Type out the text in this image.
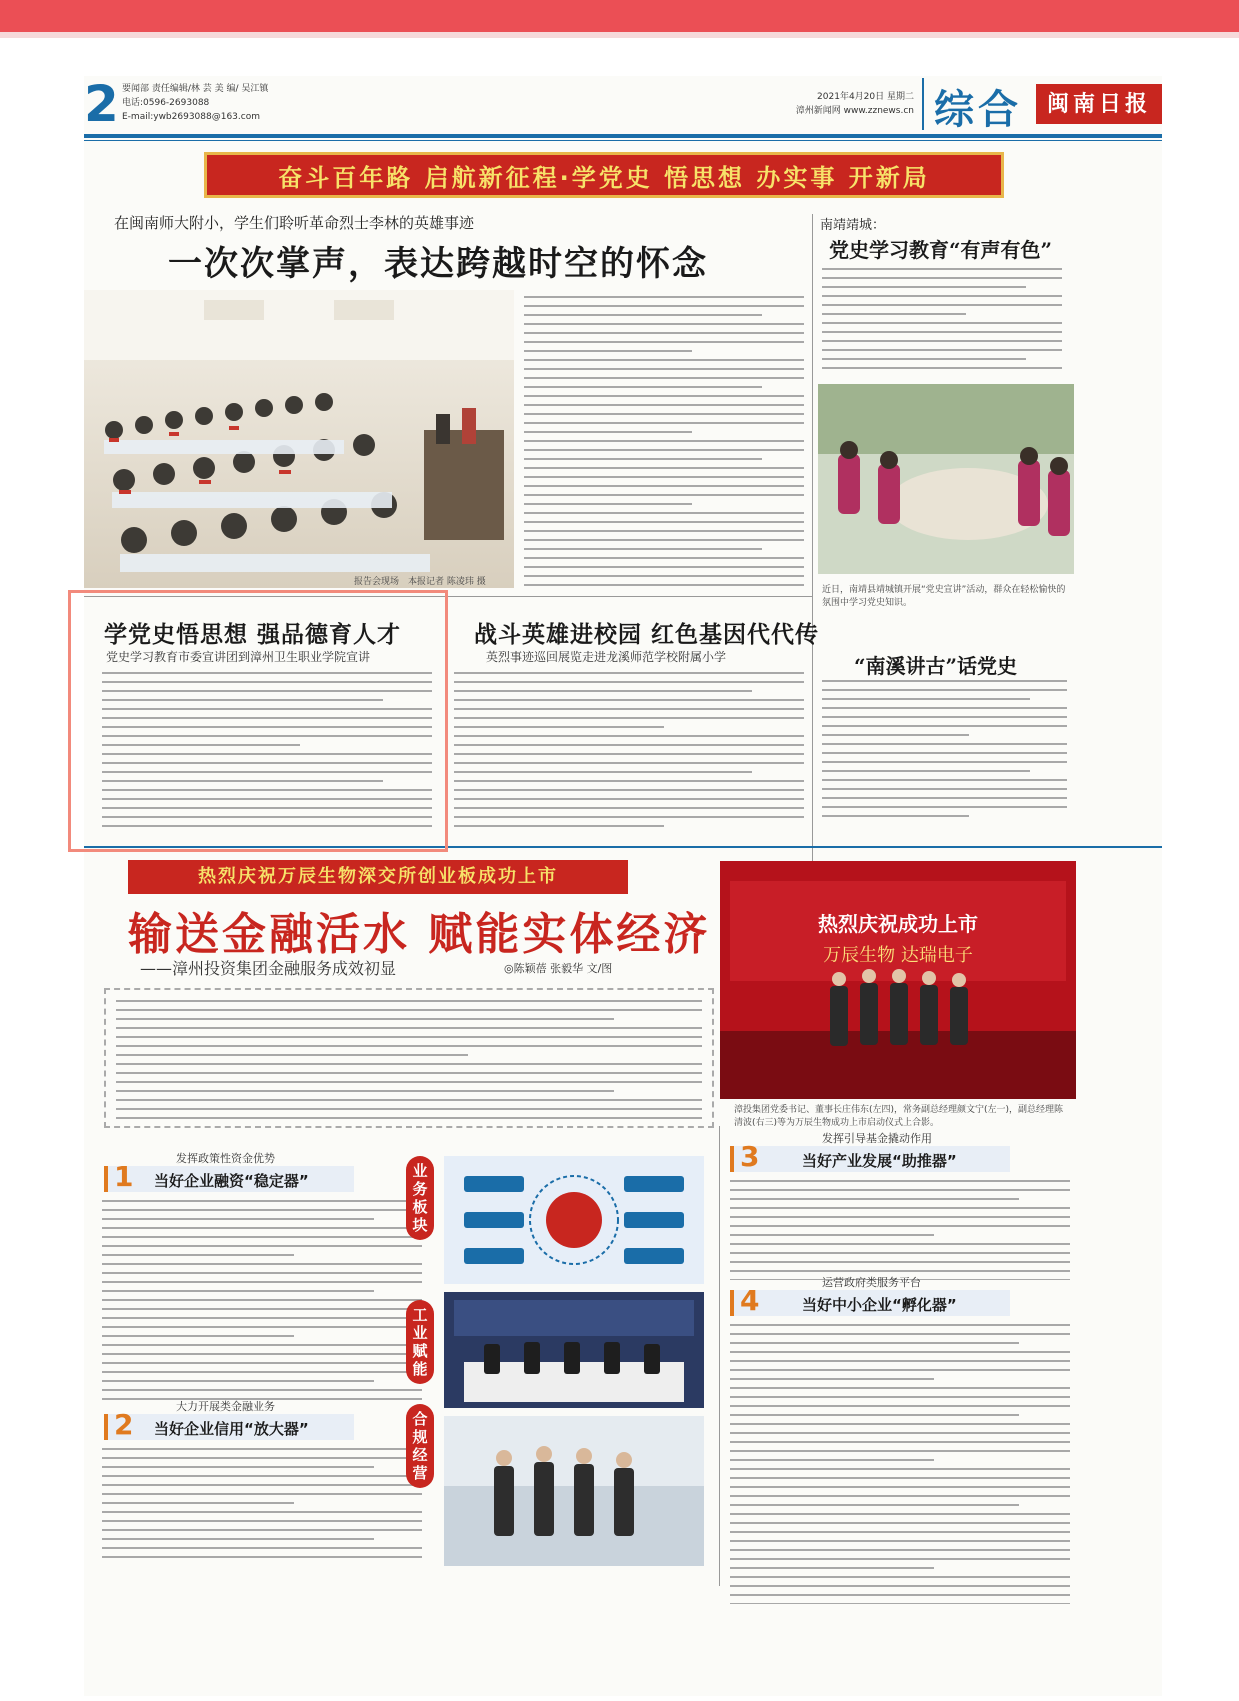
2 要闻部 责任编辑/林 芸 美 编/ 吴江镇
电话:0596-2693088
E-mail:ywb2693088@163.com
2021年4月20日 星期二
漳州新闻网 www.zznews.cn 综合	闽南日报
奋斗百年路 启航新征程·学党史 悟思想 办实事 开新局
在闽南师大附小，学生们聆听革命烈士李林的英雄事迹
一次次掌声，表达跨越时空的怀念
报告会现场　本报记者 陈凌玮 摄
南靖靖城：
党史学习教育“有声有色”
近日，南靖县靖城镇开展“党史宣讲”活动，群众在轻松愉快的氛围中学习党史知识。
学党史悟思想 强品德育人才
党史学习教育市委宣讲团到漳州卫生职业学院宣讲
战斗英雄进校园 红色基因代代传
英烈事迹巡回展览走进龙溪师范学校附属小学	“南溪讲古”话党史
热烈庆祝万辰生物深交所创业板成功上市
输送金融活水 赋能实体经济
——漳州投资集团金融服务成效初显	◎陈颖蓓 张毅华 文/图
热烈庆祝成功上市
万辰生物 达瑞电子
漳投集团党委书记、董事长庄伟东(左四)，常务副总经理颜文宁(左一)，副总经理陈清波(右三)等为万辰生物成功上市启动仪式上合影。
1
发挥政策性资金优势
当好企业融资“稳定器”
2
大力开展类金融业务
当好企业信用“放大器”
业务板块
工业赋能
合规经营
3
发挥引导基金撬动作用
当好产业发展“助推器”
4
运营政府类服务平台
当好中小企业“孵化器”
